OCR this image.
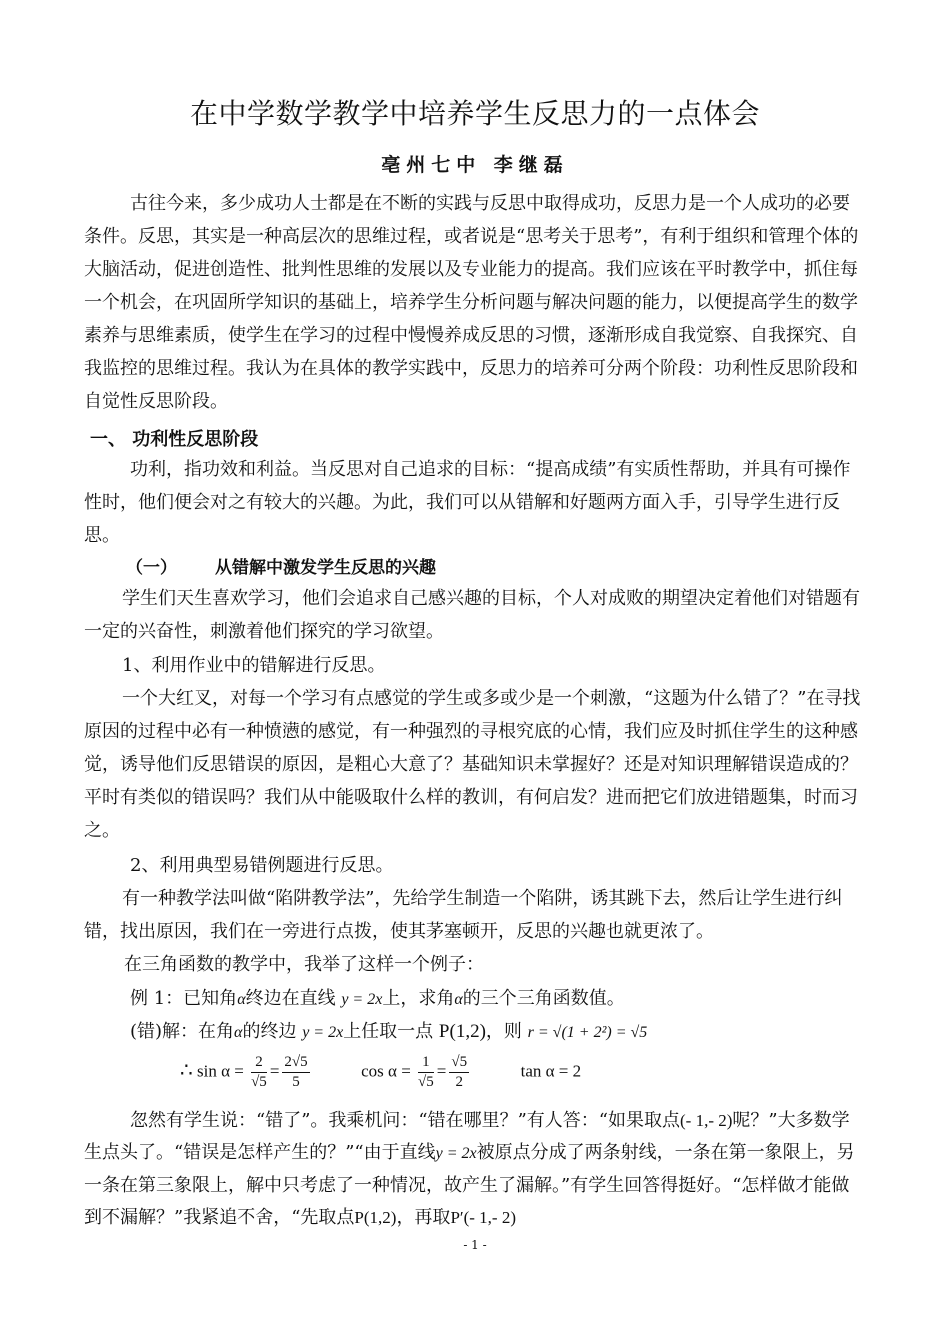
在中学数学教学中培养学生反思力的一点体会
亳州七中 李继磊
古往今来，多少成功人士都是在不断的实践与反思中取得成功，反思力是一个人成功的必要条件。反思，其实是一种高层次的思维过程，或者说是“思考关于思考”，有利于组织和管理个体的大脑活动，促进创造性、批判性思维的发展以及专业能力的提高。我们应该在平时教学中，抓住每一个机会，在巩固所学知识的基础上，培养学生分析问题与解决问题的能力，以便提高学生的数学素养与思维素质，使学生在学习的过程中慢慢养成反思的习惯，逐渐形成自我觉察、自我探究、自我监控的思维过程。我认为在具体的教学实践中，反思力的培养可分两个阶段：功利性反思阶段和自觉性反思阶段。
一、 功利性反思阶段
功利，指功效和利益。当反思对自己追求的目标：“提高成绩”有实质性帮助，并具有可操作性时，他们便会对之有较大的兴趣。为此，我们可以从错解和好题两方面入手，引导学生进行反思。
（一） 从错解中激发学生反思的兴趣
学生们天生喜欢学习，他们会追求自己感兴趣的目标，个人对成败的期望决定着他们对错题有一定的兴奋性，刺激着他们探究的学习欲望。
1、利用作业中的错解进行反思。
一个大红叉，对每一个学习有点感觉的学生或多或少是一个刺激，“这题为什么错了？”在寻找原因的过程中必有一种愤懑的感觉，有一种强烈的寻根究底的心情，我们应及时抓住学生的这种感觉，诱导他们反思错误的原因，是粗心大意了？基础知识未掌握好？还是对知识理解错误造成的？平时有类似的错误吗？我们从中能吸取什么样的教训，有何启发？进而把它们放进错题集，时而习之。
2、利用典型易错例题进行反思。
有一种教学法叫做“陷阱教学法”，先给学生制造一个陷阱，诱其跳下去，然后让学生进行纠错，找出原因，我们在一旁进行点拨，使其茅塞顿开，反思的兴趣也就更浓了。
在三角函数的教学中，我举了这样一个例子：
例 1：已知角α终边在直线 y = 2x上，求角α的三个三角函数值。
(错)解：在角α的终边 y = 2x上任取一点 P(1,2)，则 r = √(1 + 2²) = √5
∴ $\sin \alpha = \frac{2}{√5} = \frac{2√5}{5}$	$\cos \alpha = \frac{1}{√5} = \frac{√5}{2}$	tan α = 2
忽然有学生说：“错了”。我乘机问：“错在哪里？”有人答：“如果取点(- 1,- 2)呢？”大多数学生点头了。“错误是怎样产生的？”“由于直线y = 2x被原点分成了两条射线，一条在第一象限上，另一条在第三象限上，解中只考虑了一种情况，故产生了漏解。”有学生回答得挺好。“怎样做才能做到不漏解？”我紧追不舍，“先取点P(1,2)，再取P′(- 1,- 2)
- 1 -
